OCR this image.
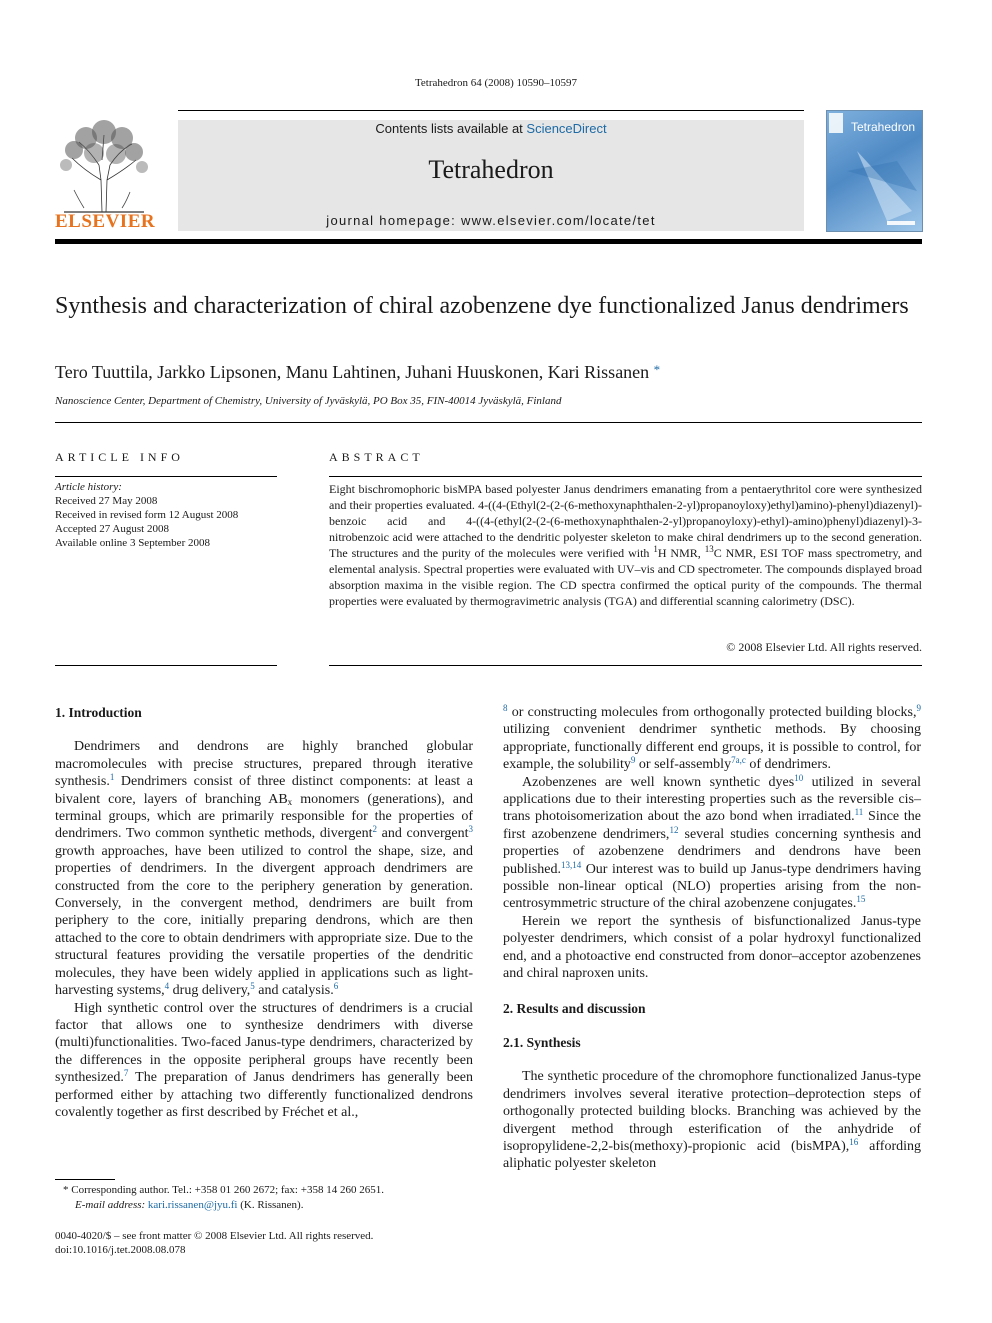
Tetrahedron 64 (2008) 10590–10597
ELSEVIER
Contents lists available at ScienceDirect
Tetrahedron
journal homepage: www.elsevier.com/locate/tet
Tetrahedron
Synthesis and characterization of chiral azobenzene dye functionalized Janus dendrimers
Tero Tuuttila, Jarkko Lipsonen, Manu Lahtinen, Juhani Huuskonen, Kari Rissanen *
Nanoscience Center, Department of Chemistry, University of Jyväskylä, PO Box 35, FIN-40014 Jyväskylä, Finland
ARTICLE INFO	ABSTRACT
Article history:
Received 27 May 2008
Received in revised form 12 August 2008
Accepted 27 August 2008
Available online 3 September 2008
Eight bischromophoric bisMPA based polyester Janus dendrimers emanating from a pentaerythritol core were synthesized and their properties evaluated. 4-((4-(Ethyl(2-(2-(6-methoxynaphthalen-2-yl)propanoyloxy)ethyl)amino)-phenyl)diazenyl)-benzoic acid and 4-((4-(ethyl(2-(2-(6-methoxynaphthalen-2-yl)propanoyloxy)-ethyl)-amino)phenyl)diazenyl)-3-nitrobenzoic acid were attached to the dendritic polyester skeleton to make chiral dendrimers up to the second generation. The structures and the purity of the molecules were verified with $^1$H NMR, $^{13}$C NMR, ESI TOF mass spectrometry, and elemental analysis. Spectral properties were evaluated with UV–vis and CD spectrometer. The compounds displayed broad absorption maxima in the visible region. The CD spectra confirmed the optical purity of the compounds. The thermal properties were evaluated by thermogravimetric analysis (TGA) and differential scanning calorimetry (DSC).
© 2008 Elsevier Ltd. All rights reserved.
1. Introduction

Dendrimers and dendrons are highly branched globular macromolecules with precise structures, prepared through iterative synthesis.$^1$ Dendrimers consist of three distinct components: at least a bivalent core, layers of branching $AB_x$ monomers (generations), and terminal groups, which are primarily responsible for the properties of dendrimers. Two common synthetic methods, divergent$^2$ and convergent$^3$ growth approaches, have been utilized to control the shape, size, and properties of dendrimers. In the divergent approach dendrimers are constructed from the core to the periphery generation by generation. Conversely, in the convergent method, dendrimers are built from periphery to the core, initially preparing dendrons, which are then attached to the core to obtain dendrimers with appropriate size. Due to the structural features providing the versatile properties of the dendritic molecules, they have been widely applied in applications such as light-harvesting systems,$^4$ drug delivery,$^5$ and catalysis.$^6$

High synthetic control over the structures of dendrimers is a crucial factor that allows one to synthesize dendrimers with diverse (multi)functionalities. Two-faced Janus-type dendrimers, characterized by the differences in the opposite peripheral groups have recently been synthesized.$^7$ The preparation of Janus dendrimers has generally been performed either by attaching two differently functionalized dendrons covalently together as first described by Fréchet et al.,

$^8$ or constructing molecules from orthogonally protected building blocks,$^9$ utilizing convenient dendrimer synthetic methods. By choosing appropriate, functionally different end groups, it is possible to control, for example, the solubility$^9$ or self-assembly$^{7a,c}$ of dendrimers.

Azobenzenes are well known synthetic dyes$^{10}$ utilized in several applications due to their interesting properties such as the reversible cis–trans photoisomerization about the azo bond when irradiated.$^{11}$ Since the first azobenzene dendrimers,$^{12}$ several studies concerning synthesis and properties of azobenzene dendrimers and dendrons have been published.$^{13,14}$ Our interest was to build up Janus-type dendrimers having possible non-linear optical (NLO) properties arising from the non-centrosymmetric structure of the chiral azobenzene conjugates.$^{15}$

Herein we report the synthesis of bisfunctionalized Janus-type polyester dendrimers, which consist of a polar hydroxyl functionalized end, and a photoactive end constructed from donor–acceptor azobenzenes and chiral naproxen units.

2. Results and discussion
2.1. Synthesis

The synthetic procedure of the chromophore functionalized Janus-type dendrimers involves several iterative protection–deprotection steps of orthogonally protected building blocks. Branching was achieved by the divergent method through esterification of the anhydride of isopropylidene-2,2-bis(methoxy)-propionic acid (bisMPA),$^{16}$ affording aliphatic polyester skeleton

* Corresponding author. Tel.: +358 01 260 2672; fax: +358 14 260 2651.
E-mail address: kari.rissanen@jyu.fi (K. Rissanen).
0040-4020/$ – see front matter © 2008 Elsevier Ltd. All rights reserved.
doi:10.1016/j.tet.2008.08.078
